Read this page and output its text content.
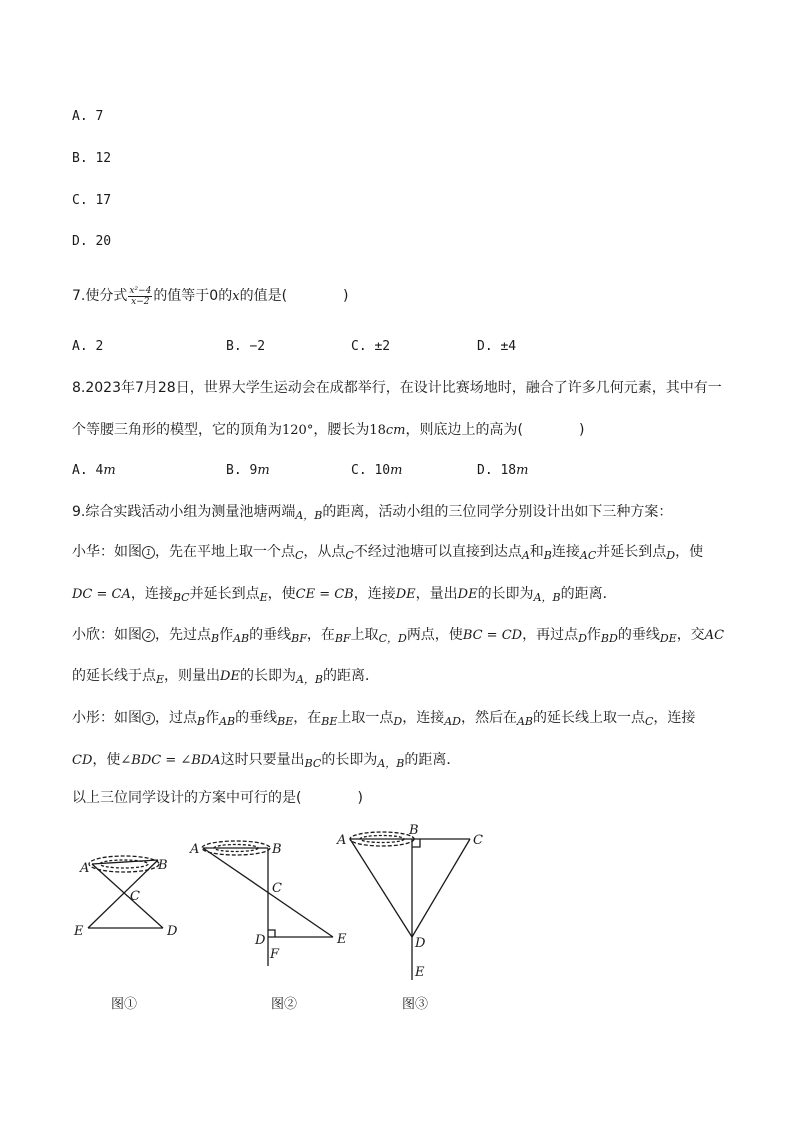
A. 7
B. 12
C. 17
D. 20
7.使分式 $\frac{\text{x²−4}}{x-2}$ 的值等于0的x的值是(　　　　)
A. 2	B. −2	C. ±2	D. ±4
8.2023年7月28日，世界大学生运动会在成都举行，在设计比赛场地时，融合了许多几何元素，其中有一
个等腰三角形的模型，它的顶角为120°，腰长为18cm，则底边上的高为(　　　　)
A. 4m	B. 9m	C. 10m	D. 18m
9.综合实践活动小组为测量池塘两端$_{A,B}$的距离，活动小组的三位同学分别设计出如下三种方案：
小华：如图 1 ，先在平地上取一个点$_C$，从点$_C$不经过池塘可以直接到达点$_A$和$_B$连接$_{AC}$并延长到点$_D$，使
DC = CA，连接$_{BC}$并延长到点$_E$，使CE = CB，连接DE，量出DE的长即为$_{A,B}$的距离．
小欣：如图 2 ，先过点$_B$作$_{AB}$的垂线$_{BF}$，在$_{BF}$上取$_{C,D}$两点，使BC = CD，再过点$_D$作$_{BD}$的垂线$_{DE}$，交AC
的延长线于点$_E$，则量出DE的长即为$_{A,B}$的距离．
小彤：如图 3 ，过点$_B$作$_{AB}$的垂线$_{BE}$，在$_{BE}$上取一点$_D$，连接$_{AD}$，然后在$_{AB}$的延长线上取一点$_C$，连接
CD，使∠BDC = ∠BDA这时只要量出$_{BC}$的长即为$_{A,B}$的距离．
以上三位同学设计的方案中可行的是(　　　　)
A	B
C
D
E
A	B
C
D	E
F
A
B
C
D
E
图①	图②	图③
